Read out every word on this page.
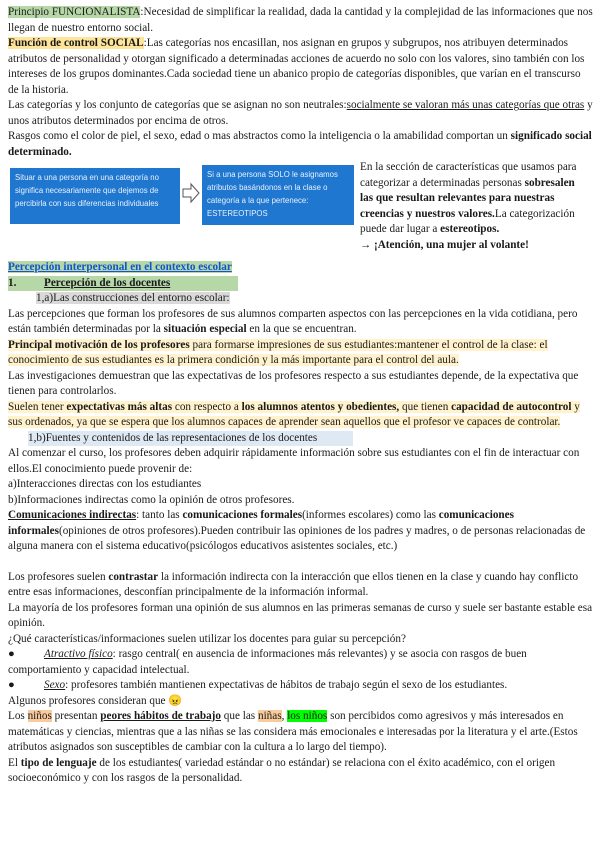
Principio FUNCIONALISTA:Necesidad de simplificar la realidad, dada la cantidad y la complejidad de las informaciones que nos llegan de nuestro entorno social.

Función de control SOCIAL:Las categorías nos encasillan, nos asignan en grupos y subgrupos, nos atribuyen determinados atributos de personalidad y otorgan significado a determinadas acciones de acuerdo no solo con los valores, sino también con los intereses de los grupos dominantes.Cada sociedad tiene un abanico propio de categorías disponibles, que varían en el transcurso de la historia.

Las categorías y los conjunto de categorías que se asignan no son neutrales:socialmente se valoran más unas categorías que otras y unos atributos determinados por encima de otros.

Rasgos como el color de piel, el sexo, edad o mas abstractos como la inteligencia o la amabilidad comportan un significado social determinado.

Situar a una persona en una categoría no significa necesariamente que dejemos de percibirla con sus diferencias individuales
Si a una persona SOLO le asignamos atributos basándonos en la clase o categoría a la que pertenece: ESTEREOTIPOS
En la sección de características que usamos para categorizar a determinadas personas sobresalen las que resultan relevantes para nuestras creencias y nuestros valores.La categorización puede dar lugar a estereotipos.
→ ¡Atención, una mujer al volante!

Percepción interpersonal en el contexto escolar

1. Percepción de los docentes

1,a)Las construcciones del entorno escolar:

Las percepciones que forman los profesores de sus alumnos comparten aspectos con las percepciones en la vida cotidiana, pero están también determinadas por la situación especial en la que se encuentran.

Principal motivación de los profesores para formarse impresiones de sus estudiantes:mantener el control de la clase: el conocimiento de sus estudiantes es la primera condición y la más importante para el control del aula.

Las investigaciones demuestran que las expectativas de los profesores respecto a sus estudiantes depende, de la expectativa que tienen para controlarlos.

Suelen tener expectativas más altas con respecto a los alumnos atentos y obedientes, que tienen capacidad de autocontrol y sus ordenados, ya que se espera que los alumnos capaces de aprender sean aquellos que el profesor ve capaces de controlar.

1,b)Fuentes y contenidos de las representaciones de los docentes

Al comenzar el curso, los profesores deben adquirir rápidamente información sobre sus estudiantes con el fin de interactuar con ellos.El conocimiento puede provenir de:

a)Interacciones directas con los estudiantes

b)Informaciones indirectas como la opinión de otros profesores.

Comunicaciones indirectas: tanto las comunicaciones formales(informes escolares) como las comunicaciones informales(opiniones de otros profesores).Pueden contribuir las opiniones de los padres y madres, o de personas relacionadas de alguna manera con el sistema educativo(psicólogos educativos asistentes sociales, etc.)

Los profesores suelen contrastar la información indirecta con la interacción que ellos tienen en la clase y cuando hay conflicto entre esas informaciones, desconfían principalmente de la información informal.

La mayoría de los profesores forman una opinión de sus alumnos en las primeras semanas de curso y suele ser bastante estable esa opinión.

¿Qué características/informaciones suelen utilizar los docentes para guiar su percepción?

●	Atractivo físico: rasgo central( en ausencia de informaciones más relevantes) y se asocia con rasgos de buen comportamiento y capacidad intelectual.

●	Sexo: profesores también mantienen expectativas de hábitos de trabajo según el sexo de los estudiantes.

Algunos profesores consideran que 😠

Los niños presentan peores hábitos de trabajo que las niñas, los niños son percibidos como agresivos y más interesados en matemáticas y ciencias, mientras que a las niñas se las considera más emocionales e interesadas por la literatura y el arte.(Estos atributos asignados son susceptibles de cambiar con la cultura a lo largo del tiempo).

El tipo de lenguaje de los estudiantes( variedad estándar o no estándar) se relaciona con el éxito académico, con el origen socioeconómico y con los rasgos de la personalidad.
